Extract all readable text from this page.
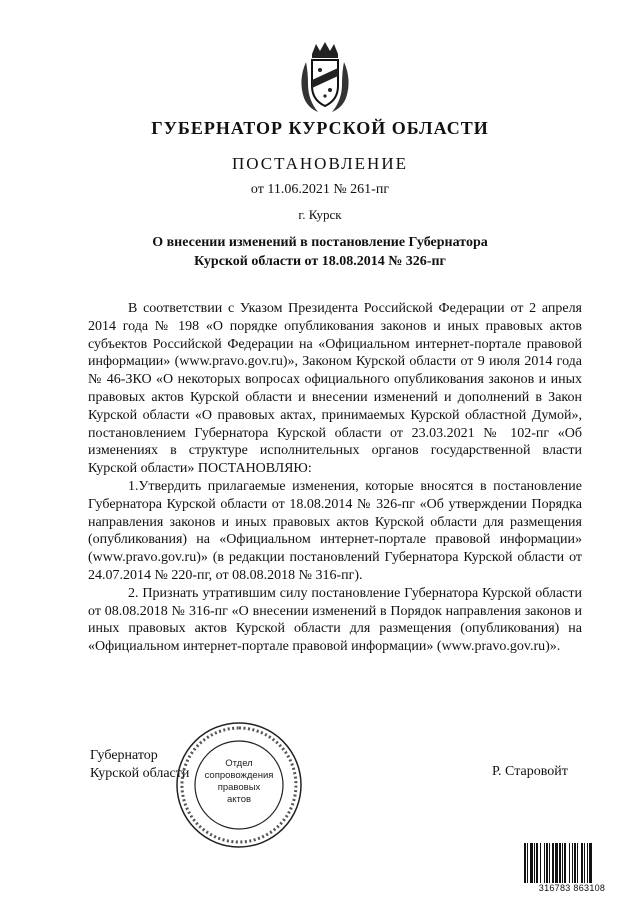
ГУБЕРНАТОР КУРСКОЙ ОБЛАСТИ
ПОСТАНОВЛЕНИЕ
от 11.06.2021 № 261-пг
г. Курск
О внесении изменений в постановление Губернатора
Курской области от 18.08.2014 № 326-пг

В соответствии с Указом Президента Российской Федерации от 2 апреля 2014 года № 198 «О порядке опубликования законов и иных правовых актов субъектов Российской Федерации на «Официальном интернет-портале правовой информации» (www.pravo.gov.ru)», Законом Курской области от 9 июля 2014 года № 46-ЗКО «О некоторых вопросах официального опубликования законов и иных правовых актов Курской области и внесении изменений и дополнений в Закон Курской области «О правовых актах, принимаемых Курской областной Думой», постановлением Губернатора Курской области от 23.03.2021 № 102-пг «Об изменениях в структуре исполнительных органов государственной власти Курской области» ПОСТАНОВЛЯЮ:

1.Утвердить прилагаемые изменения, которые вносятся в постановление Губернатора Курской области от 18.08.2014 № 326-пг «Об утверждении Порядка направления законов и иных правовых актов Курской области для размещения (опубликования) на «Официальном интернет-портале правовой информации» (www.pravo.gov.ru)» (в редакции постановлений Губернатора Курской области от 24.07.2014 № 220-пг, от 08.08.2018 № 316-пг).

2. Признать утратившим силу постановление Губернатора Курской области от 08.08.2018 № 316-пг «О внесении изменений в Порядок направления законов и иных правовых актов Курской области для размещения (опубликования) на «Официальном интернет-портале правовой информации» (www.pravo.gov.ru)».

Губернатор
Курской области	Р. Старовойт
Отдел
сопровождения
правовых
актов
316783 863108
